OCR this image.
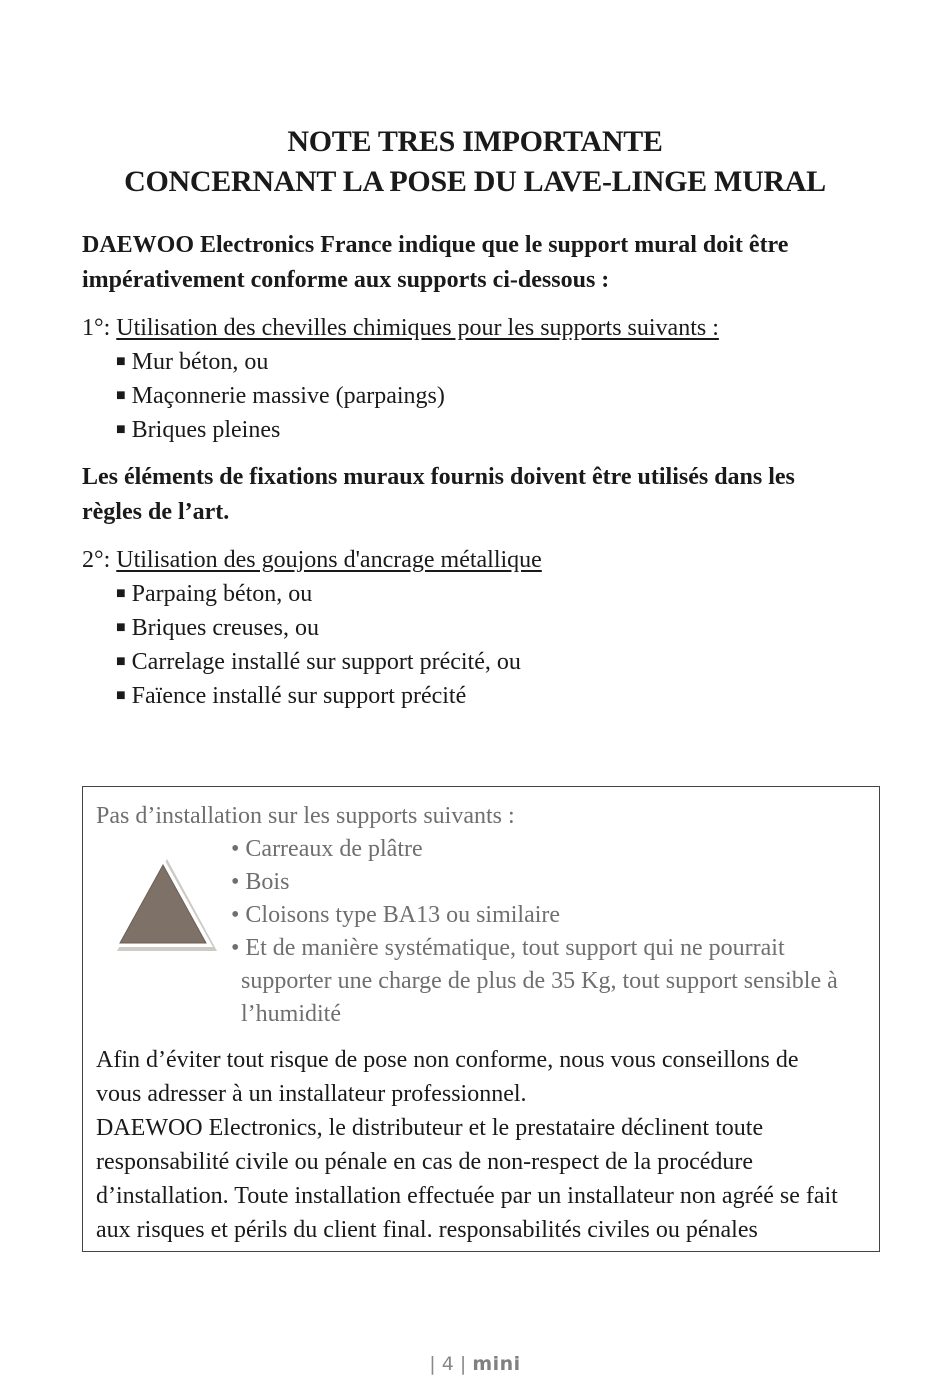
NOTE TRES IMPORTANTE
CONCERNANT LA POSE DU LAVE-LINGE MURAL
DAEWOO Electronics France indique que le support mural doit être
impérativement conforme aux supports ci-dessous :
1°: Utilisation des chevilles chimiques pour les supports suivants :
■ Mur béton, ou
■ Maçonnerie massive (parpaings)
■ Briques pleines
Les éléments de fixations muraux fournis doivent être utilisés dans les
règles de l’art.
2°: Utilisation des goujons d'ancrage métallique
■ Parpaing béton, ou
■ Briques creuses, ou
■ Carrelage installé sur support précité, ou
■ Faïence installé sur support précité
Pas d’installation sur les supports suivants :
• Carreaux de plâtre
• Bois
• Cloisons type BA13 ou similaire
• Et de manière systématique, tout support qui ne pourrait
supporter une charge de plus de 35 Kg, tout support sensible à
l’humidité
Afin d’éviter tout risque de pose non conforme, nous vous conseillons de
vous adresser à un installateur professionnel.
DAEWOO Electronics, le distributeur et le prestataire déclinent toute
responsabilité civile ou pénale en cas de non-respect de la procédure
d’installation. Toute installation effectuée par un installateur non agréé se fait
aux risques et périls du client final. responsabilités civiles ou pénales
| 4 | mini
